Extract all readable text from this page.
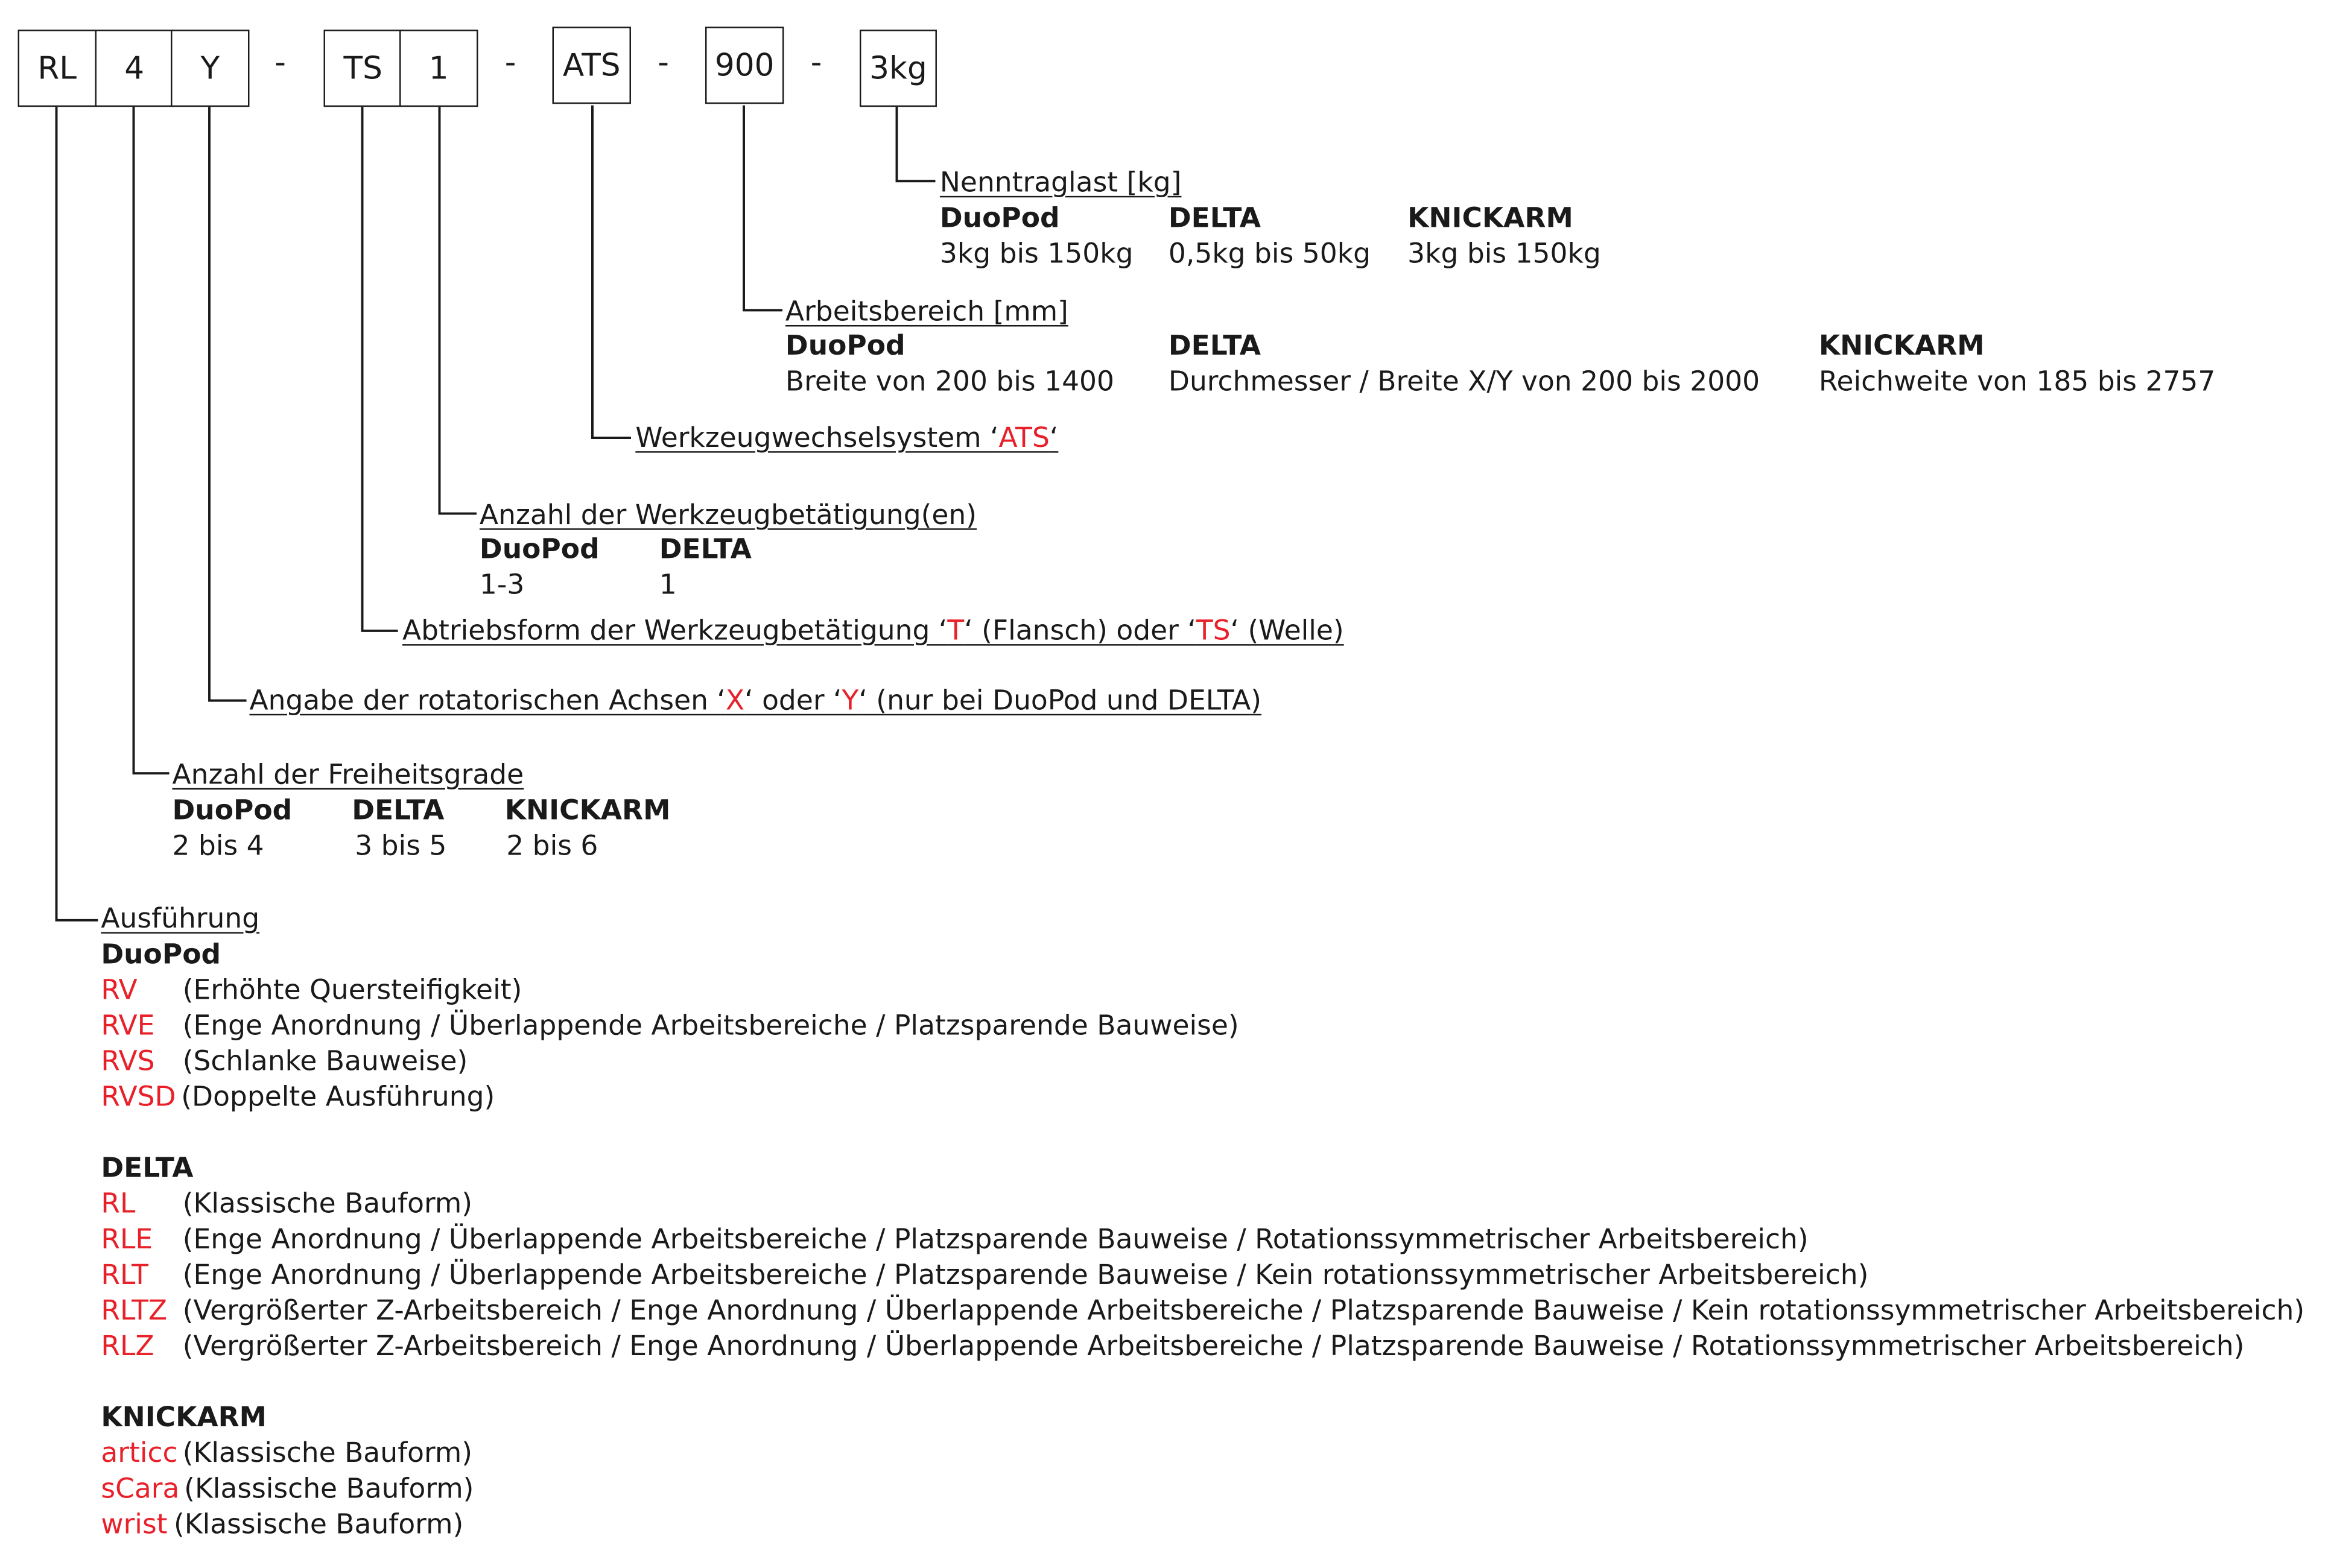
RL	4	Y	-	TS	1	-	ATS	-	900	-	3kg
Nenntraglast [kg]
DuoPod
3kg bis 150kg
DELTA
0,5kg bis 50kg
KNICKARM
3kg bis 150kg
Arbeitsbereich [mm]
DuoPod
Breite von 200 bis 1400
DELTA
Durchmesser / Breite X/Y von 200 bis 2000
KNICKARM
Reichweite von 185 bis 2757
Werkzeugwechselsystem ‘ATS‘
Anzahl der Werkzeugbetätigung(en)
DuoPod
1-3
DELTA
1
Abtriebsform der Werkzeugbetätigung ‘T‘ (Flansch) oder ‘TS‘ (Welle)
Angabe der rotatorischen Achsen ‘X‘ oder ‘Y‘ (nur bei DuoPod und DELTA)
Anzahl der Freiheitsgrade
DuoPod
2 bis 4
DELTA
3 bis 5
KNICKARM
2 bis 6
Ausführung
DuoPod
RV	(Erhöhte Quersteifigkeit)
RVE	(Enge Anordnung / Überlappende Arbeitsbereiche / Platzsparende Bauweise)
RVS (Schlanke Bauweise)
RVSD (Doppelte Ausführung)
DELTA
RL	(Klassische Bauform)
RLE	(Enge Anordnung / Überlappende Arbeitsbereiche / Platzsparende Bauweise / Rotationssymmetrischer Arbeitsbereich)
RLT	(Enge Anordnung / Überlappende Arbeitsbereiche / Platzsparende Bauweise / Kein rotationssymmetrischer Arbeitsbereich)
RLTZ (Vergrößerter Z-Arbeitsbereich / Enge Anordnung / Überlappende Arbeitsbereiche / Platzsparende Bauweise / Kein rotationssymmetrischer Arbeitsbereich)
RLZ	(Vergrößerter Z-Arbeitsbereich / Enge Anordnung / Überlappende Arbeitsbereiche / Platzsparende Bauweise / Rotationssymmetrischer Arbeitsbereich)
KNICKARM
articc (Klassische Bauform)
sCara (Klassische Bauform)
wrist (Klassische Bauform)
